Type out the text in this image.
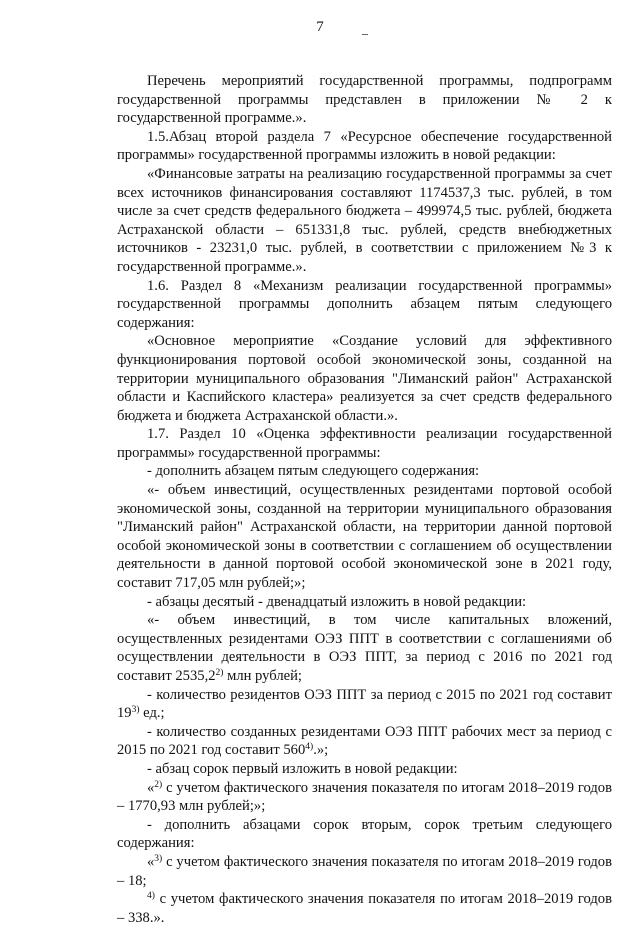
7

Перечень мероприятий государственной программы, подпрограмм государственной программы представлен в приложении № 2 к государственной программе.».

1.5.Абзац второй раздела 7 «Ресурсное обеспечение государственной программы» государственной программы изложить в новой редакции:

«Финансовые затраты на реализацию государственной программы за счет всех источников финансирования составляют 1174537,3 тыс. рублей, в том числе за счет средств федерального бюджета – 499974,5 тыс. рублей, бюджета Астраханской области – 651331,8 тыс. рублей, средств внебюджетных источников - 23231,0 тыс. рублей, в соответствии с приложением №3 к государственной программе.».

1.6. Раздел 8 «Механизм реализации государственной программы» государственной программы дополнить абзацем пятым следующего содержания:

«Основное мероприятие «Создание условий для эффективного функционирования портовой особой экономической зоны, созданной на территории муниципального образования "Лиманский район" Астраханской области и Каспийского кластера» реализуется за счет средств федерального бюджета и бюджета Астраханской области.».

1.7. Раздел 10 «Оценка эффективности реализации государственной программы» государственной программы:

- дополнить абзацем пятым следующего содержания:

«- объем инвестиций, осуществленных резидентами портовой особой экономической зоны, созданной на территории муниципального образования "Лиманский район" Астраханской области, на территории данной портовой особой экономической зоны в соответствии с соглашением об осуществлении деятельности в данной портовой особой экономической зоне в 2021 году, составит 717,05 млн рублей;»;

- абзацы десятый - двенадцатый изложить в новой редакции:

«- объем инвестиций, в том числе капитальных вложений, осуществленных резидентами ОЭЗ ППТ в соответствии с соглашениями об осуществлении деятельности в ОЭЗ ППТ, за период с 2016 по 2021 год составит 2535,2$^{2)}$ млн рублей;

- количество резидентов ОЭЗ ППТ за период с 2015 по 2021 год составит 19$^{3)}$ ед.;

- количество созданных резидентами ОЭЗ ППТ рабочих мест за период с 2015 по 2021 год составит 560$^{4)}$.»;

- абзац сорок первый изложить в новой редакции:

«$^{2)}$ с учетом фактического значения показателя по итогам 2018–2019 годов – 1770,93 млн рублей;»;

- дополнить абзацами сорок вторым, сорок третьим следующего содержания:

«$^{3)}$ с учетом фактического значения показателя по итогам 2018–2019 годов – 18;

$^{4)}$ с учетом фактического значения показателя по итогам 2018–2019 годов – 338.».
